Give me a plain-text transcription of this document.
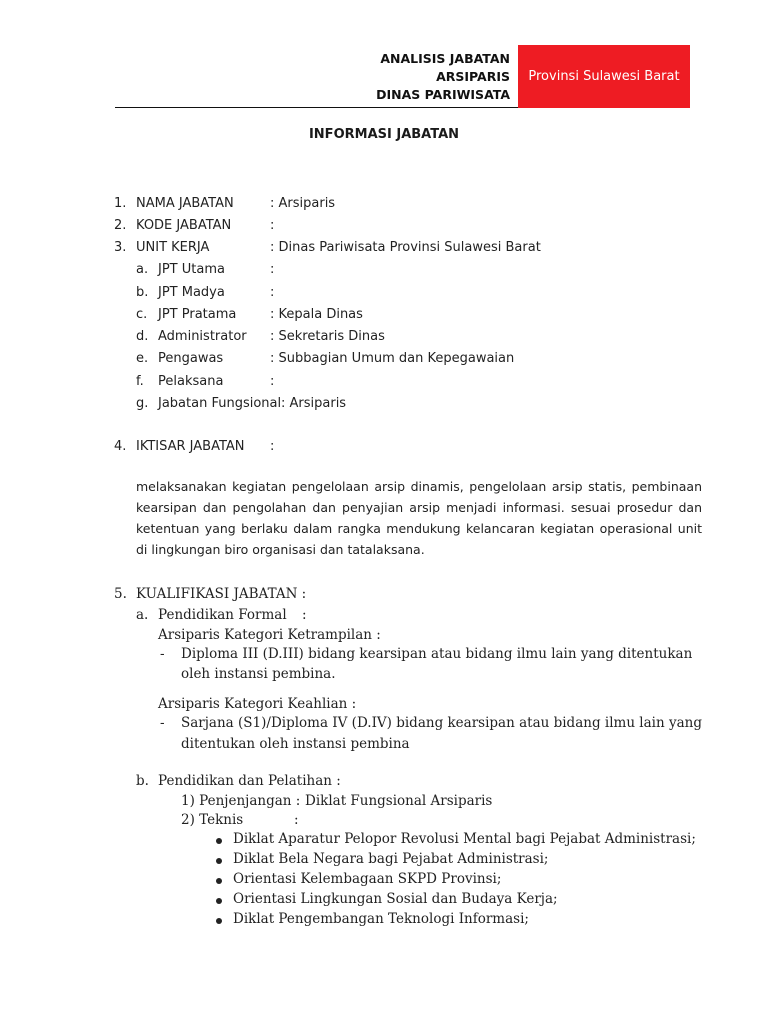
ANALISIS JABATAN
ARSIPARIS
DINAS PARIWISATA
Provinsi Sulawesi Barat
INFORMASI JABATAN
1. NAMA JABATAN	: Arsiparis
2. KODE JABATAN	:
3. UNIT KERJA	: Dinas Pariwisata Provinsi Sulawesi Barat
a. JPT Utama	:
b. JPT Madya	:
c. JPT Pratama	: Kepala Dinas
d. Administrator : Sekretaris Dinas
e. Pengawas	: Subbagian Umum dan Kepegawaian
f. Pelaksana	:
g. Jabatan Fungsional : Arsiparis
4. IKTISAR JABATAN :
melaksanakan kegiatan pengelolaan arsip dinamis, pengelolaan arsip statis, pembinaan kearsipan dan pengolahan dan penyajian arsip menjadi informasi. sesuai prosedur dan ketentuan yang berlaku dalam rangka mendukung kelancaran kegiatan operasional unit di lingkungan biro organisasi dan tatalaksana.
5. KUALIFIKASI JABATAN :
a. Pendidikan Formal :
Arsiparis Kategori Ketrampilan :
- Diploma III (D.III) bidang kearsipan atau bidang ilmu lain yang ditentukan
oleh instansi pembina.
Arsiparis Kategori Keahlian :
- Sarjana (S1)/Diploma IV (D.IV) bidang kearsipan atau bidang ilmu lain yang
ditentukan oleh instansi pembina
b. Pendidikan dan Pelatihan :
1) Penjenjangan : Diklat Fungsional Arsiparis
2) Teknis	:
Diklat Aparatur Pelopor Revolusi Mental bagi Pejabat Administrasi;
Diklat Bela Negara bagi Pejabat Administrasi;
Orientasi Kelembagaan SKPD Provinsi;
Orientasi Lingkungan Sosial dan Budaya Kerja;
Diklat Pengembangan Teknologi Informasi;
